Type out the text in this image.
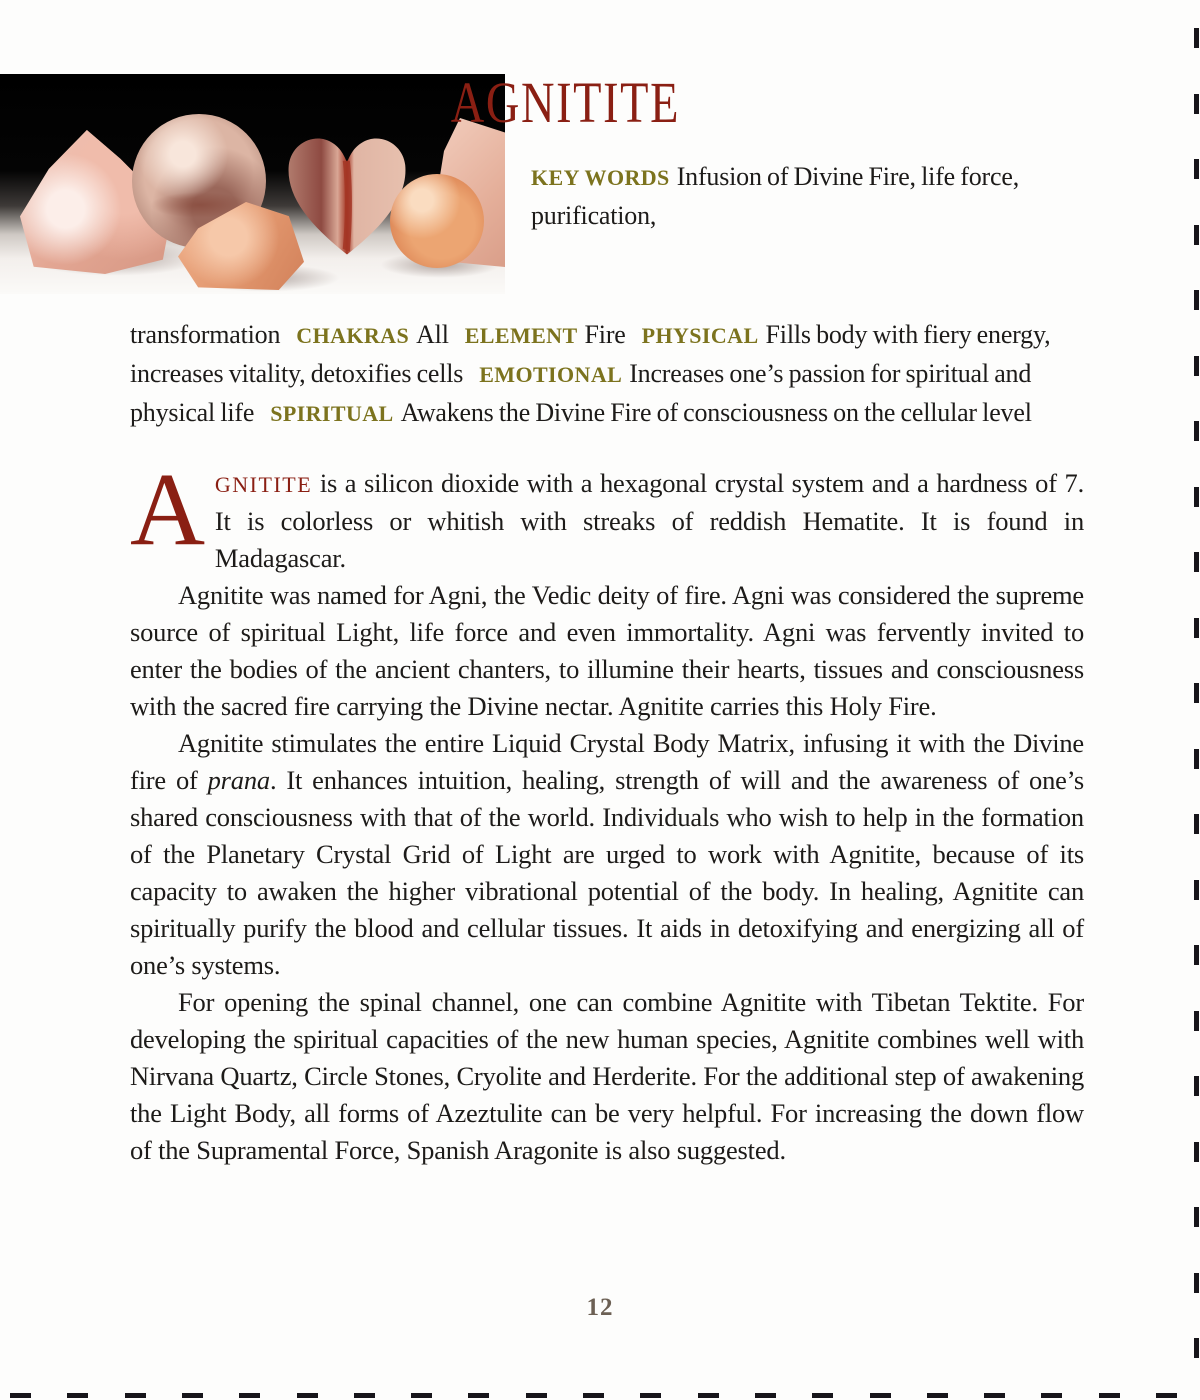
AGNITITE

KEY WORDS Infusion of Divine Fire, life force, purification, transformation CHAKRAS All ELEMENT Fire PHYSICAL Fills body with fiery energy, increases vitality, detoxifies cells EMOTIONAL Increases one’s passion for spiritual and physical life SPIRITUAL Awakens the Divine Fire of consciousness on the cellular level

AGNITITE is a silicon dioxide with a hexagonal crystal system and a hardness of 7. It is colorless or whitish with streaks of reddish Hematite. It is found in Madagascar.

Agnitite was named for Agni, the Vedic deity of fire. Agni was considered the supreme source of spiritual Light, life force and even immortality. Agni was fervently invited to enter the bodies of the ancient chanters, to illumine their hearts, tissues and consciousness with the sacred fire carrying the Divine nectar. Agnitite carries this Holy Fire.

Agnitite stimulates the entire Liquid Crystal Body Matrix, infusing it with the Divine fire of prana. It enhances intuition, healing, strength of will and the awareness of one’s shared consciousness with that of the world. Individuals who wish to help in the formation of the Planetary Crystal Grid of Light are urged to work with Agnitite, because of its capacity to awaken the higher vibrational potential of the body. In healing, Agnitite can spiritually purify the blood and cellular tissues. It aids in detoxifying and energizing all of one’s systems.

For opening the spinal channel, one can combine Agnitite with Tibetan Tektite. For developing the spiritual capacities of the new human species, Agnitite combines well with Nirvana Quartz, Circle Stones, Cryolite and Herderite. For the additional step of awakening the Light Body, all forms of Azeztulite can be very helpful. For increasing the down flow of the Supramental Force, Spanish Aragonite is also suggested.

12
